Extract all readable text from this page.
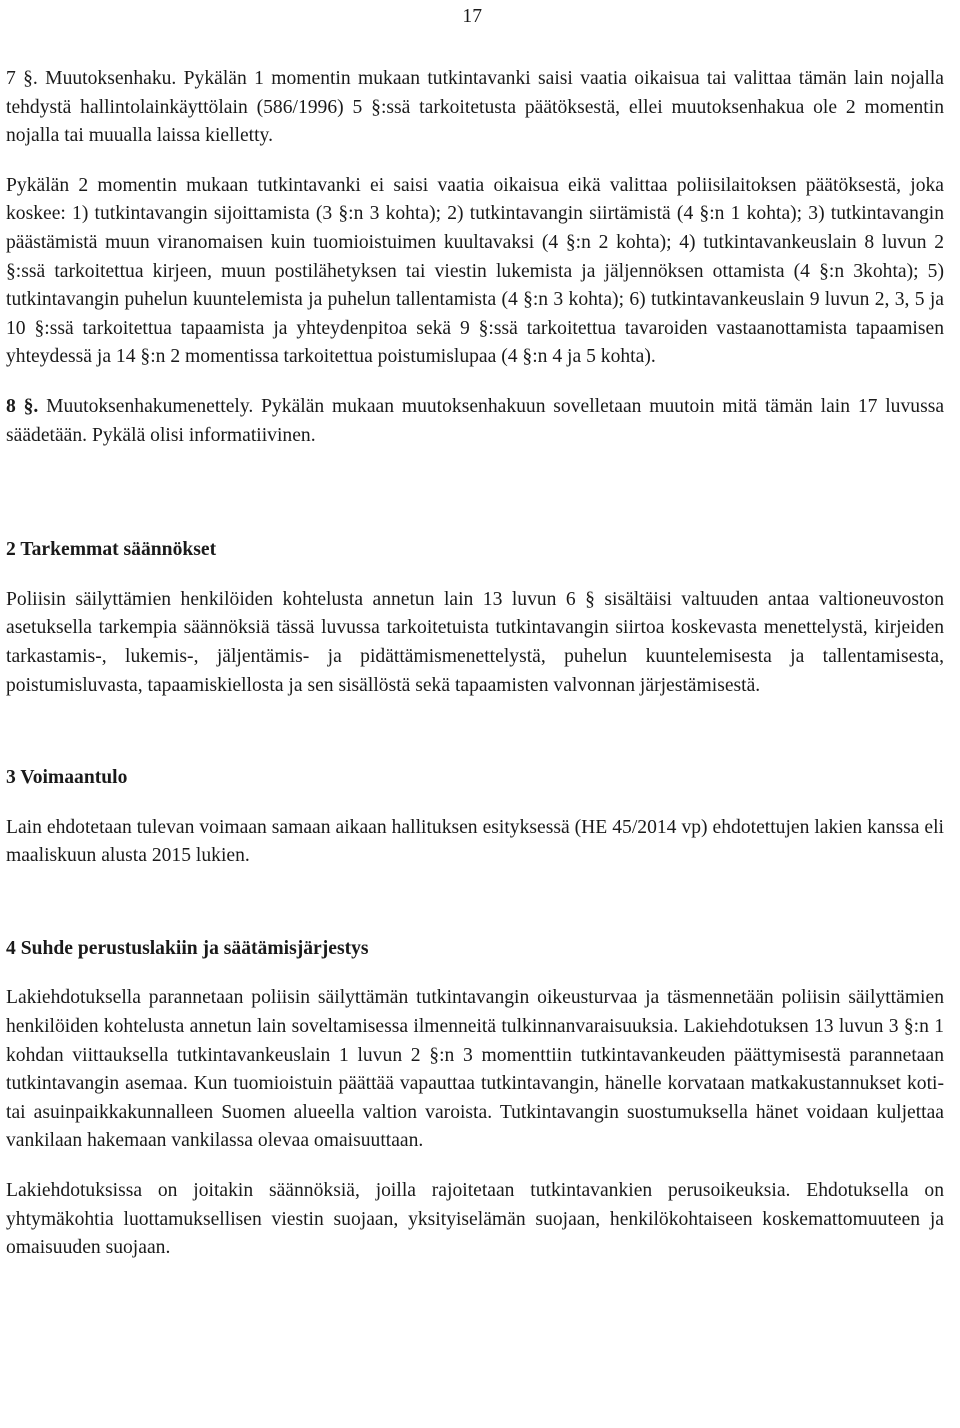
17

7 §. Muutoksenhaku. Pykälän 1 momentin mukaan tutkintavanki saisi vaatia oikaisua tai valittaa tämän lain nojalla tehdystä hallintolainkäyttölain (586/1996) 5 §:ssä tarkoitetusta päätöksestä, ellei muutoksenhakua ole 2 momentin nojalla tai muualla laissa kielletty.

Pykälän 2 momentin mukaan tutkintavanki ei saisi vaatia oikaisua eikä valittaa poliisilaitoksen päätöksestä, joka koskee: 1) tutkintavangin sijoittamista (3 §:n 3 kohta); 2) tutkintavangin siirtämistä (4 §:n 1 kohta); 3) tutkintavangin päästämistä muun viranomaisen kuin tuomioistuimen kuultavaksi (4 §:n 2 kohta); 4) tutkintavankeuslain 8 luvun 2 §:ssä tarkoitettua kirjeen, muun postilähetyksen tai viestin lukemista ja jäljennöksen ottamista (4 §:n 3kohta); 5) tutkintavangin puhelun kuuntelemista ja puhelun tallentamista (4 §:n 3 kohta); 6) tutkintavankeuslain 9 luvun 2, 3, 5 ja 10 §:ssä tarkoitettua tapaamista ja yhteydenpitoa sekä 9 §:ssä tarkoitettua tavaroiden vastaanottamista tapaamisen yhteydessä ja 14 §:n 2 momentissa tarkoitettua poistumislupaa (4 §:n 4 ja 5 kohta).

8 §. Muutoksenhakumenettely. Pykälän mukaan muutoksenhakuun sovelletaan muutoin mitä tämän lain 17 luvussa säädetään. Pykälä olisi informatiivinen.

2 Tarkemmat säännökset

Poliisin säilyttämien henkilöiden kohtelusta annetun lain 13 luvun 6 § sisältäisi valtuuden antaa valtioneuvoston asetuksella tarkempia säännöksiä tässä luvussa tarkoitetuista tutkintavangin siirtoa koskevasta menettelystä, kirjeiden tarkastamis-, lukemis-, jäljentämis- ja pidättämismenettelystä, puhelun kuuntelemisesta ja tallentamisesta, poistumisluvasta, tapaamiskiellosta ja sen sisällöstä sekä tapaamisten valvonnan järjestämisestä.

3 Voimaantulo

Lain ehdotetaan tulevan voimaan samaan aikaan hallituksen esityksessä (HE 45/2014 vp) ehdotettujen lakien kanssa eli maaliskuun alusta 2015 lukien.

4 Suhde perustuslakiin ja säätämisjärjestys

Lakiehdotuksella parannetaan poliisin säilyttämän tutkintavangin oikeusturvaa ja täsmennetään poliisin säilyttämien henkilöiden kohtelusta annetun lain soveltamisessa ilmenneitä tulkinnanvaraisuuksia. Lakiehdotuksen 13 luvun 3 §:n 1 kohdan viittauksella tutkintavankeuslain 1 luvun 2 §:n 3 momenttiin tutkintavankeuden päättymisestä parannetaan tutkintavangin asemaa. Kun tuomioistuin päättää vapauttaa tutkintavangin, hänelle korvataan matkakustannukset koti- tai asuinpaikkakunnalleen Suomen alueella valtion varoista. Tutkintavangin suostumuksella hänet voidaan kuljettaa vankilaan hakemaan vankilassa olevaa omaisuuttaan.

Lakiehdotuksissa on joitakin säännöksiä, joilla rajoitetaan tutkintavankien perusoikeuksia. Ehdotuksella on yhtymäkohtia luottamuksellisen viestin suojaan, yksityiselämän suojaan, henkilökohtaiseen koskemattomuuteen ja omaisuuden suojaan.
